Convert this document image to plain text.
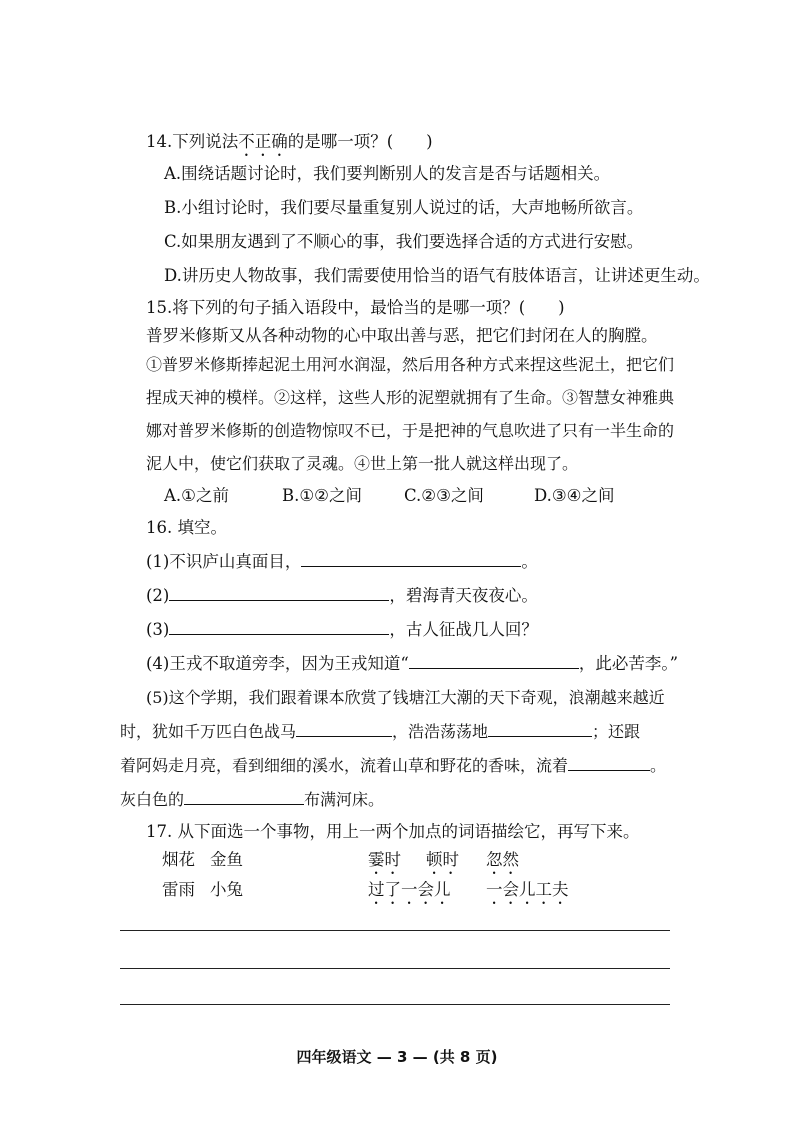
14.下列说法不正确的是哪一项？(　　)
A.围绕话题讨论时，我们要判断别人的发言是否与话题相关。
B.小组讨论时，我们要尽量重复别人说过的话，大声地畅所欲言。
C.如果朋友遇到了不顺心的事，我们要选择合适的方式进行安慰。
D.讲历史人物故事，我们需要使用恰当的语气有肢体语言，让讲述更生动。
15.将下列的句子插入语段中，最恰当的是哪一项？(　　)
普罗米修斯又从各种动物的心中取出善与恶，把它们封闭在人的胸膛。
①普罗米修斯捧起泥土用河水润湿，然后用各种方式来捏这些泥土，把它们捏成天神的模样。②这样，这些人形的泥塑就拥有了生命。③智慧女神雅典娜对普罗米修斯的创造物惊叹不已，于是把神的气息吹进了只有一半生命的泥人中，使它们获取了灵魂。④世上第一批人就这样出现了。
A.①之前	B.①②之间	C.②③之间	D.③④之间
16. 填空。
(1)不识庐山真面目，	。
(2)	，碧海青天夜夜心。
(3)	，古人征战几人回？
(4)王戎不取道旁李，因为王戎知道“	，此必苦李。”
(5)这个学期，我们跟着课本欣赏了钱塘江大潮的天下奇观，浪潮越来越近
时，犹如千万匹白色战马	，浩浩荡荡地	；还跟
着阿妈走月亮，看到细细的溪水，流着山草和野花的香味，流着	。
灰白色的	布满河床。
17. 从下面选一个事物，用上一两个加点的词语描绘它，再写下来。
烟花 金鱼
雷雨 小兔
霎时 顿时 忽然
过了一会儿 一会儿工夫
四年级语文 — 3 — (共 8 页)
